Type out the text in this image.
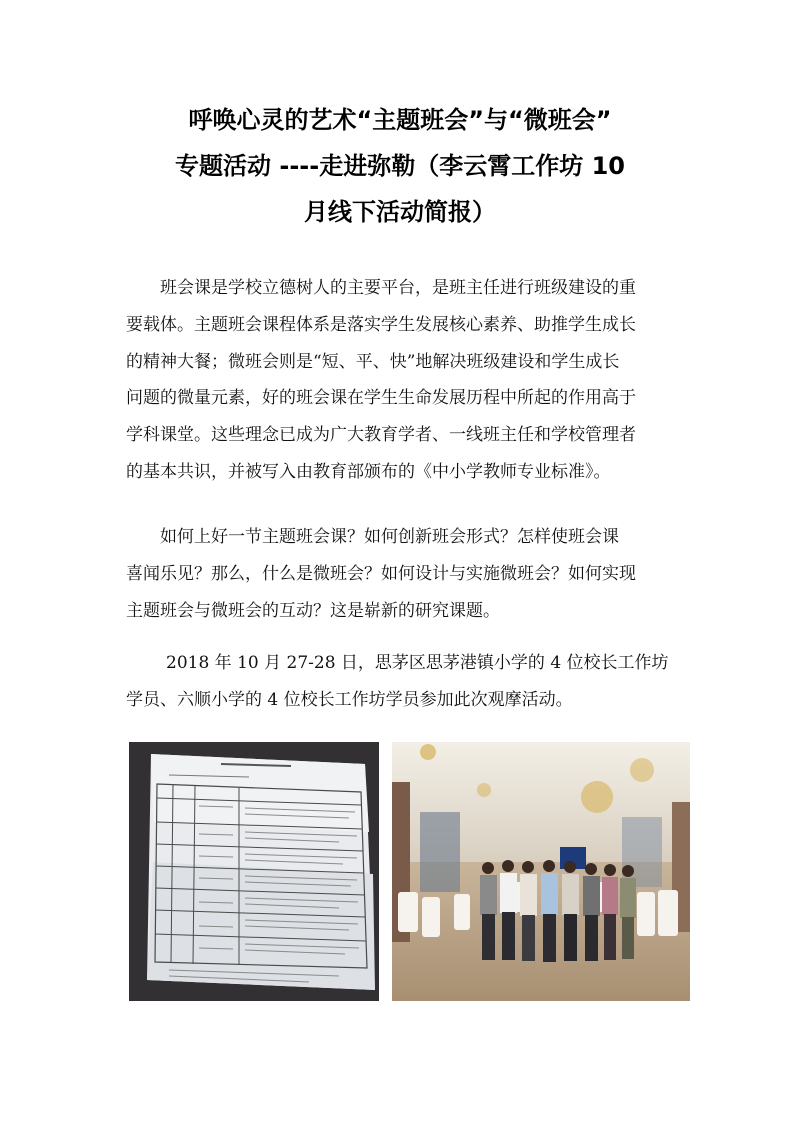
呼唤心灵的艺术“主题班会”与“微班会”
专题活动 ----走进弥勒（李云霄工作坊 10
月线下活动简报）

班会课是学校立德树人的主要平台，是班主任进行班级建设的重
要载体。主题班会课程体系是落实学生发展核心素养、助推学生成长
的精神大餐；微班会则是“短、平、快”地解决班级建设和学生成长
问题的微量元素，好的班会课在学生生命发展历程中所起的作用高于
学科课堂。这些理念已成为广大教育学者、一线班主任和学校管理者
的基本共识，并被写入由教育部颁布的《中小学教师专业标准》。

如何上好一节主题班会课？如何创新班会形式？怎样使班会课
喜闻乐见？那么，什么是微班会？如何设计与实施微班会？如何实现
主题班会与微班会的互动？这是崭新的研究课题。

2018 年 10 月 27-28 日，思茅区思茅港镇小学的 4 位校长工作坊
学员、六顺小学的 4 位校长工作坊学员参加此次观摩活动。
